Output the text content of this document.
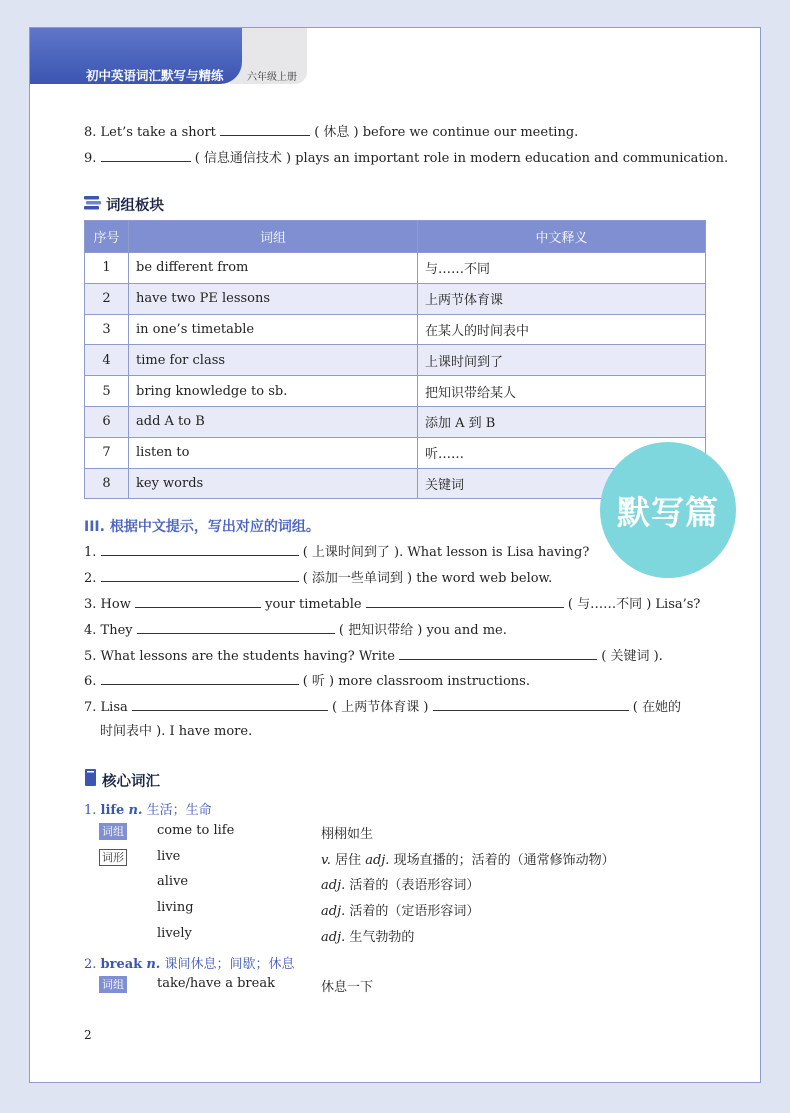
初中英语词汇默写与精练 六年级上册
8. Let’s take a short	( 休息 ) before we continue our meeting.
9.	( 信息通信技术 ) plays an important role in modern education and communication.
词组板块
序号	词组	中文释义
1	be different from	与……不同
2	have two PE lessons	上两节体育课
3	in one’s timetable	在某人的时间表中
4	time for class	上课时间到了
5	bring knowledge to sb.	把知识带给某人
6	add A to B	添加 A 到 B
7	listen to	听……
8	key words	关键词
默写篇
III. 根据中文提示，写出对应的词组。
1.	( 上课时间到了 ). What lesson is Lisa having?
2.	( 添加一些单词到 ) the word web below.
3. How	your timetable	( 与……不同 ) Lisa’s?
4. They	( 把知识带给 ) you and me.
5. What lessons are the students having? Write	( 关键词 ).
6.	( 听 ) more classroom instructions.
7. Lisa	( 上两节体育课 )	( 在她的
时间表中 ). I have more.
核心词汇
1. life n. 生活；生命
词组	come to life	栩栩如生
词形	live	v. 居住 adj. 现场直播的；活着的（通常修饰动物）
alive	adj. 活着的（表语形容词）
living	adj. 活着的（定语形容词）
lively	adj. 生气勃勃的
2. break n. 课间休息；间歇；休息
词组	take/have a break	休息一下
2
